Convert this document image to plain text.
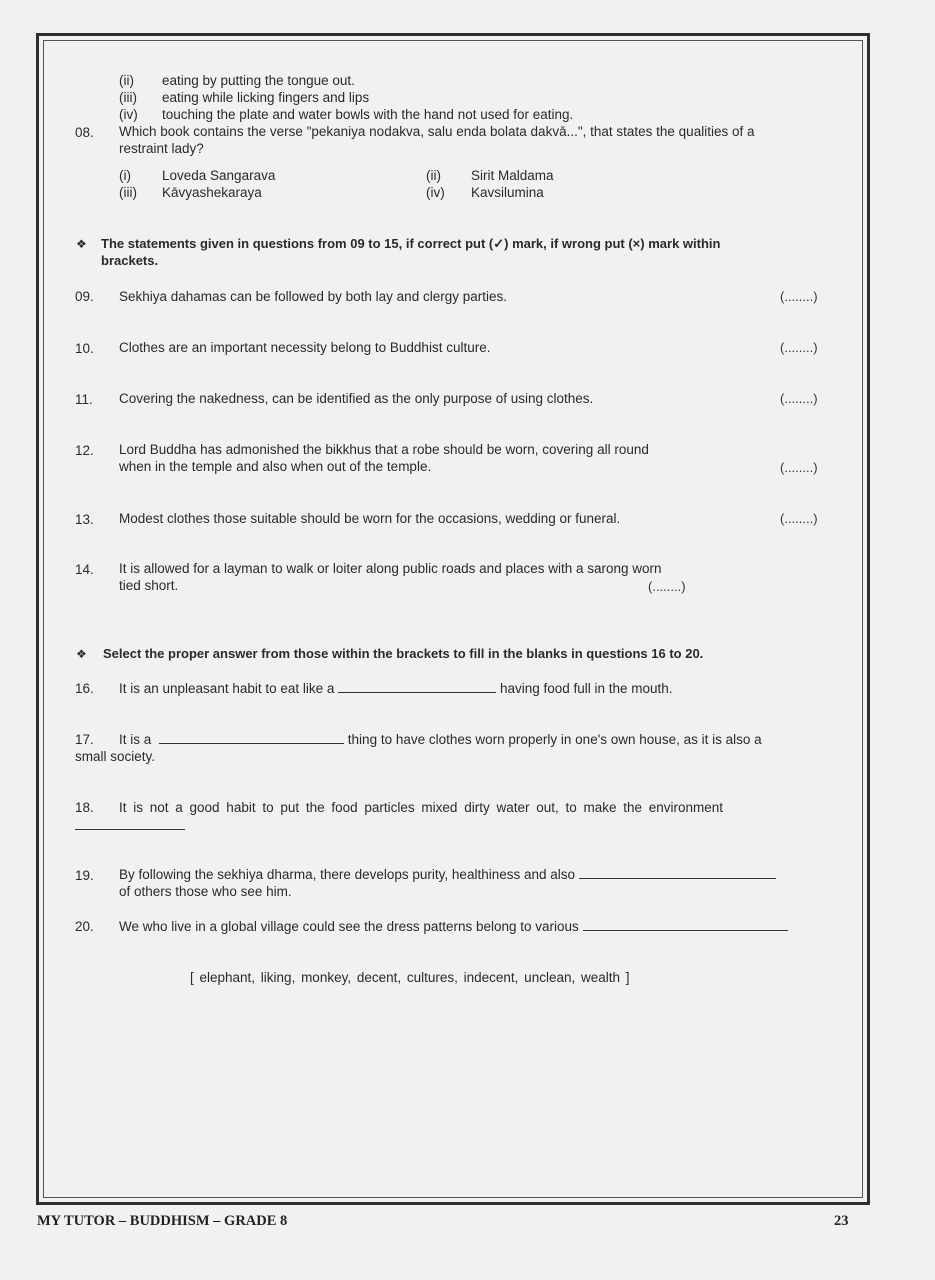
(ii) eating by putting the tongue out.
(iii) eating while licking fingers and lips
(iv) touching the plate and water bowls with the hand not used for eating.
08. Which book contains the verse "pekaniya nodakva, salu enda bolata dakvā...", that states the qualities of a
restraint lady?
(i) Loveda Sangarava	(ii) Sirit Maldama
(iii) Kāvyashekaraya	(iv) Kavsilumina
❖ The statements given in questions from 09 to 15, if correct put (✓) mark, if wrong put (×) mark within
brackets.
09. Sekhiya dahamas can be followed by both lay and clergy parties.	(........)
10. Clothes are an important necessity belong to Buddhist culture.	(........)
11. Covering the nakedness, can be identified as the only purpose of using clothes.	(........)
12. Lord Buddha has admonished the bikkhus that a robe should be worn, covering all round
when in the temple and also when out of the temple.	(........)
13. Modest clothes those suitable should be worn for the occasions, wedding or funeral.	(........)
14. It is allowed for a layman to walk or loiter along public roads and places with a sarong worn
tied short.	(........)
❖ Select the proper answer from those within the brackets to fill in the blanks in questions 16 to 20.
16. It is an unpleasant habit to eat like a	having food full in the mouth.
17. It is a	thing to have clothes worn properly in one's own house, as it is also a
small society.
18. It is not a good habit to put the food particles mixed dirty water out, to make the environment
19. By following the sekhiya dharma, there develops purity, healthiness and also
of others those who see him.
20. We who live in a global village could see the dress patterns belong to various
[ elephant, liking, monkey, decent, cultures, indecent, unclean, wealth ]
MY TUTOR – BUDDHISM – GRADE 8	23
